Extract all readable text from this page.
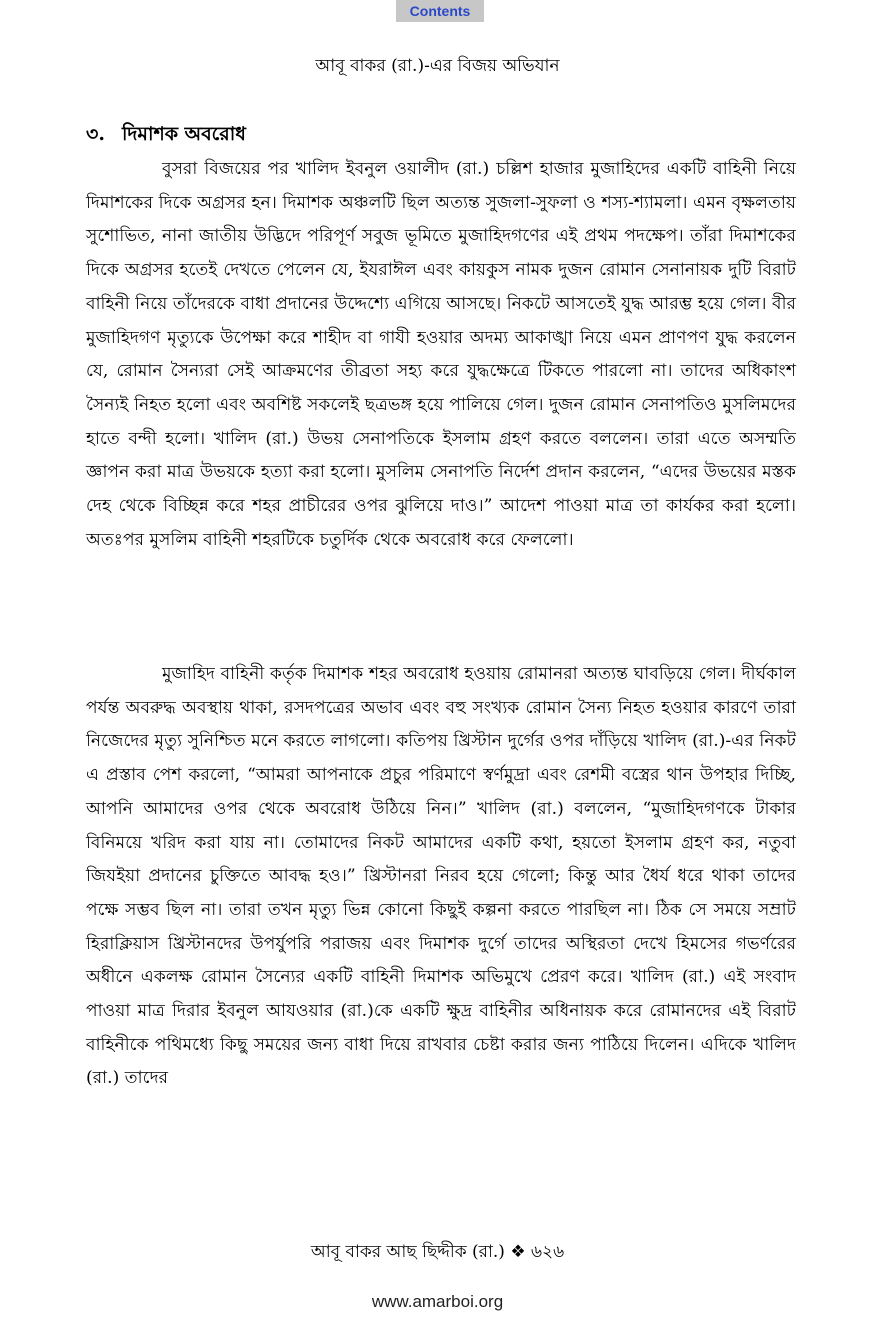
Contents
আবূ বাকর (রা.)-এর বিজয় অভিযান
৩. দিমাশক অবরোধ

বুসরা বিজয়ের পর খালিদ ইবনুল ওয়ালীদ (রা.) চল্লিশ হাজার মুজাহিদের একটি বাহিনী নিয়ে দিমাশকের দিকে অগ্রসর হন। দিমাশক অঞ্চলটি ছিল অত্যন্ত সুজলা-সুফলা ও শস্য-শ্যামলা। এমন বৃক্ষলতায় সুশোভিত, নানা জাতীয় উদ্ভিদে পরিপূর্ণ সবুজ ভূমিতে মুজাহিদগণের এই প্রথম পদক্ষেপ। তাঁরা দিমাশকের দিকে অগ্রসর হতেই দেখতে পেলেন যে, ইযরাঈল এবং কায়কুস নামক দুজন রোমান সেনানায়ক দুটি বিরাট বাহিনী নিয়ে তাঁদেরকে বাধা প্রদানের উদ্দেশ্যে এগিয়ে আসছে। নিকটে আসতেই যুদ্ধ আরম্ভ হয়ে গেল। বীর মুজাহিদগণ মৃত্যুকে উপেক্ষা করে শাহীদ বা গাযী হওয়ার অদম্য আকাঙ্খা নিয়ে এমন প্রাণপণ যুদ্ধ করলেন যে, রোমান সৈন্যরা সেই আক্রমণের তীব্রতা সহ্য করে যুদ্ধক্ষেত্রে টিকতে পারলো না। তাদের অধিকাংশ সৈন্যই নিহত হলো এবং অবশিষ্ট সকলেই ছত্রভঙ্গ হয়ে পালিয়ে গেল। দুজন রোমান সেনাপতিও মুসলিমদের হাতে বন্দী হলো। খালিদ (রা.) উভয় সেনাপতিকে ইসলাম গ্রহণ করতে বললেন। তারা এতে অসম্মতি জ্ঞাপন করা মাত্র উভয়কে হত্যা করা হলো। মুসলিম সেনাপতি নির্দেশ প্রদান করলেন, “এদের উভয়ের মস্তক দেহ থেকে বিচ্ছিন্ন করে শহর প্রাচীরের ওপর ঝুলিয়ে দাও।” আদেশ পাওয়া মাত্র তা কার্যকর করা হলো। অতঃপর মুসলিম বাহিনী শহরটিকে চতুর্দিক থেকে অবরোধ করে ফেললো।

মুজাহিদ বাহিনী কর্তৃক দিমাশক শহর অবরোধ হওয়ায় রোমানরা অত্যন্ত ঘাবড়িয়ে গেল। দীর্ঘকাল পর্যন্ত অবরুদ্ধ অবস্থায় থাকা, রসদপত্রের অভাব এবং বহু সংখ্যক রোমান সৈন্য নিহত হওয়ার কারণে তারা নিজেদের মৃত্যু সুনিশ্চিত মনে করতে লাগলো। কতিপয় খ্রিস্টান দুর্গের ওপর দাঁড়িয়ে খালিদ (রা.)-এর নিকট এ প্রস্তাব পেশ করলো, “আমরা আপনাকে প্রচুর পরিমাণে স্বর্ণমুদ্রা এবং রেশমী বস্ত্রের থান উপহার দিচ্ছি, আপনি আমাদের ওপর থেকে অবরোধ উঠিয়ে নিন।” খালিদ (রা.) বললেন, “মুজাহিদগণকে টাকার বিনিময়ে খরিদ করা যায় না। তোমাদের নিকট আমাদের একটি কথা, হয়তো ইসলাম গ্রহণ কর, নতুবা জিযইয়া প্রদানের চুক্তিতে আবদ্ধ হও।” খ্রিস্টানরা নিরব হয়ে গেলো; কিন্তু আর ধৈর্য ধরে থাকা তাদের পক্ষে সম্ভব ছিল না। তারা তখন মৃত্যু ভিন্ন কোনো কিছুই কল্পনা করতে পারছিল না। ঠিক সে সময়ে সম্রাট হিরাক্লিয়াস খ্রিস্টানদের উপর্যুপরি পরাজয় এবং দিমাশক দুর্গে তাদের অস্থিরতা দেখে হিমসের গভর্ণরের অধীনে একলক্ষ রোমান সৈন্যের একটি বাহিনী দিমাশক অভিমুখে প্রেরণ করে। খালিদ (রা.) এই সংবাদ পাওয়া মাত্র দিরার ইবনুল আযওয়ার (রা.)কে একটি ক্ষুদ্র বাহিনীর অধিনায়ক করে রোমানদের এই বিরাট বাহিনীকে পথিমধ্যে কিছু সময়ের জন্য বাধা দিয়ে রাখবার চেষ্টা করার জন্য পাঠিয়ে দিলেন। এদিকে খালিদ (রা.) তাদের

আবূ বাকর আছ ছিদ্দীক (রা.) ❖ ৬২৬
www.amarboi.org
